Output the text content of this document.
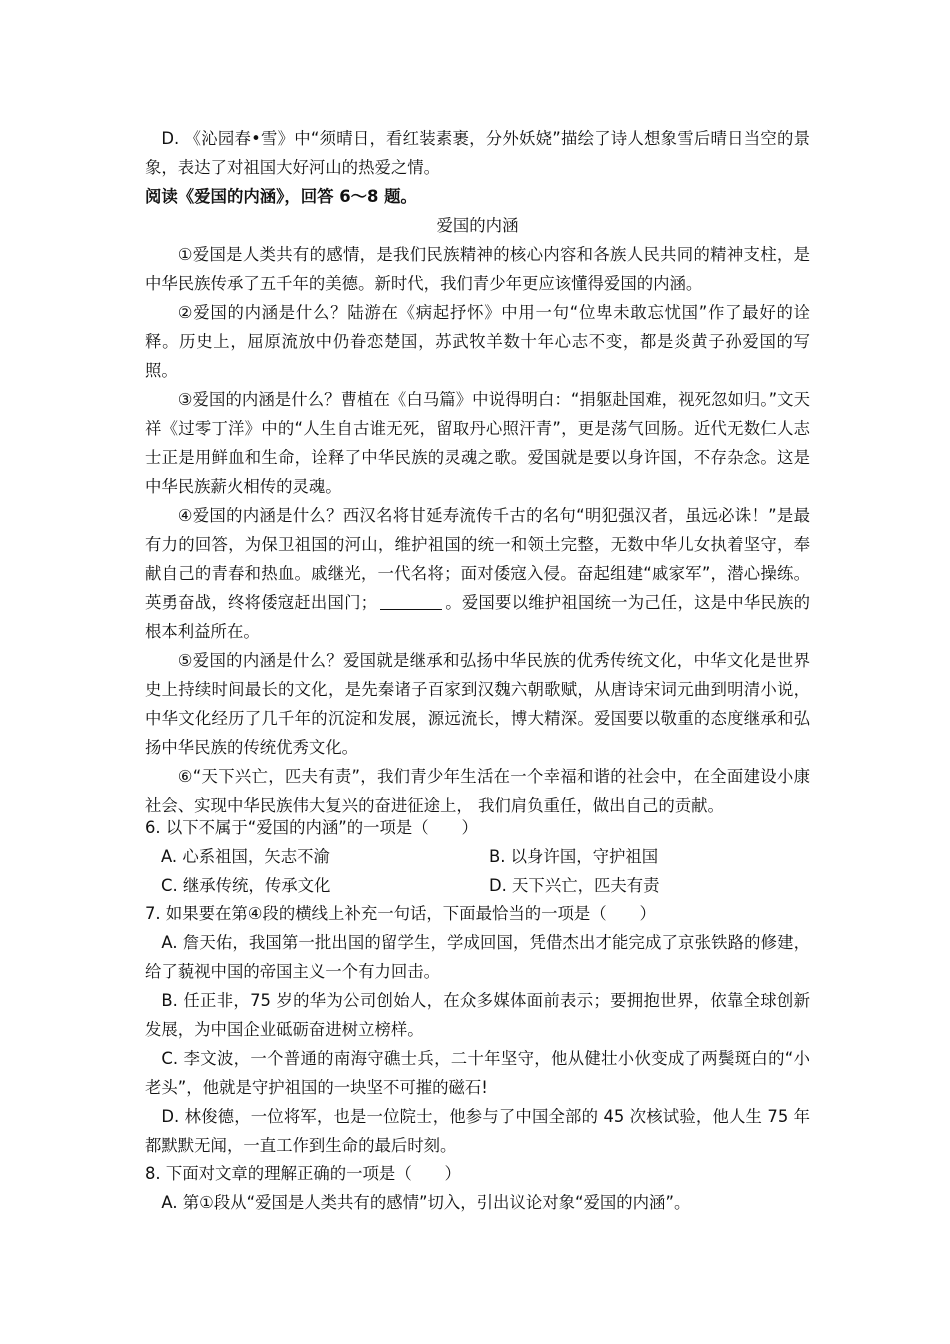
D. 《沁园春•雪》中“须晴日，看红装素裹，分外妖娆”描绘了诗人想象雪后晴日当空的景象，表达了对祖国大好河山的热爱之情。

阅读《爱国的内涵》，回答 6～8 题。

爱国的内涵

①爱国是人类共有的感情，是我们民族精神的核心内容和各族人民共同的精神支柱，是中华民族传承了五千年的美德。新时代，我们青少年更应该懂得爱国的内涵。

②爱国的内涵是什么？陆游在《病起抒怀》中用一句“位卑未敢忘忧国”作了最好的诠释。历史上，屈原流放中仍眷恋楚国，苏武牧羊数十年心志不变，都是炎黄子孙爱国的写照。

③爱国的内涵是什么？曹植在《白马篇》中说得明白：“捐躯赴国难，视死忽如归。”文天祥《过零丁洋》中的“人生自古谁无死，留取丹心照汗青”，更是荡气回肠。近代无数仁人志士正是用鲜血和生命，诠释了中华民族的灵魂之歌。爱国就是要以身许国，不存杂念。这是中华民族薪火相传的灵魂。

④爱国的内涵是什么？西汉名将甘延寿流传千古的名句“明犯强汉者，虽远必诛！”是最有力的回答，为保卫祖国的河山，维护祖国的统一和领土完整，无数中华儿女执着坚守，奉献自己的青春和热血。戚继光，一代名将；面对倭寇入侵。奋起组建“戚家军”，潜心操练。英勇奋战，终将倭寇赶出国门；	。爱国要以维护祖国统一为己任，这是中华民族的根本利益所在。

⑤爱国的内涵是什么？爱国就是继承和弘扬中华民族的优秀传统文化，中华文化是世界史上持续时间最长的文化，是先秦诸子百家到汉魏六朝歌赋，从唐诗宋词元曲到明清小说，中华文化经历了几千年的沉淀和发展，源远流长，博大精深。爱国要以敬重的态度继承和弘扬中华民族的传统优秀文化。

⑥“天下兴亡，匹夫有责”，我们青少年生活在一个幸福和谐的社会中，在全面建设小康社会、实现中华民族伟大复兴的奋进征途上， 我们肩负重任，做出自己的贡献。

6. 以下不属于“爱国的内涵”的一项是（　　）

A. 心系祖国，矢志不渝	B. 以身许国，守护祖国
C. 继承传统，传承文化	D. 天下兴亡，匹夫有责

7. 如果要在第④段的横线上补充一句话，下面最恰当的一项是（　　）

A. 詹天佑，我国第一批出国的留学生，学成回国，凭借杰出才能完成了京张铁路的修建，给了藐视中国的帝国主义一个有力回击。

B. 任正非，75 岁的华为公司创始人，在众多媒体面前表示；要拥抱世界，依靠全球创新发展，为中国企业砥砺奋进树立榜样。

C. 李文波，一个普通的南海守礁士兵，二十年坚守，他从健壮小伙变成了两鬓斑白的“小老头”，他就是守护祖国的一块坚不可摧的磁石!

D. 林俊德，一位将军，也是一位院士，他参与了中国全部的 45 次核试验，他人生 75 年都默默无闻，一直工作到生命的最后时刻。

8. 下面对文章的理解正确的一项是（　　）

A. 第①段从“爱国是人类共有的感情”切入，引出议论对象“爱国的内涵”。
